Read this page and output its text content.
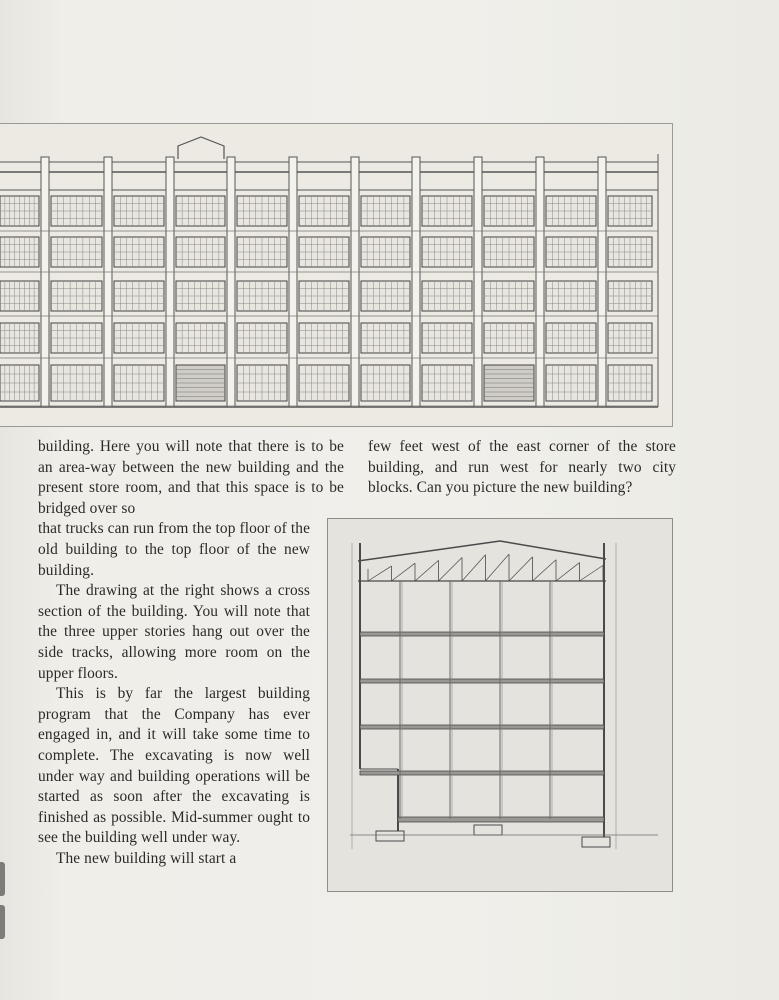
building. Here you will note that there is to be an area-way between the new building and the present store room, and that this space is to be bridged over so

that trucks can run from the top floor of the old building to the top floor of the new building.

The drawing at the right shows a cross section of the building. You will note that the three upper stories hang out over the side tracks, allowing more room on the upper floors.

This is by far the largest building program that the Company has ever engaged in, and it will take some time to complete. The excavating is now well under way and building operations will be started as soon after the excavating is finished as possible. Mid-summer ought to see the building well under way.

The new building will start a

few feet west of the east corner of the store building, and run west for nearly two city blocks. Can you picture the new building?
